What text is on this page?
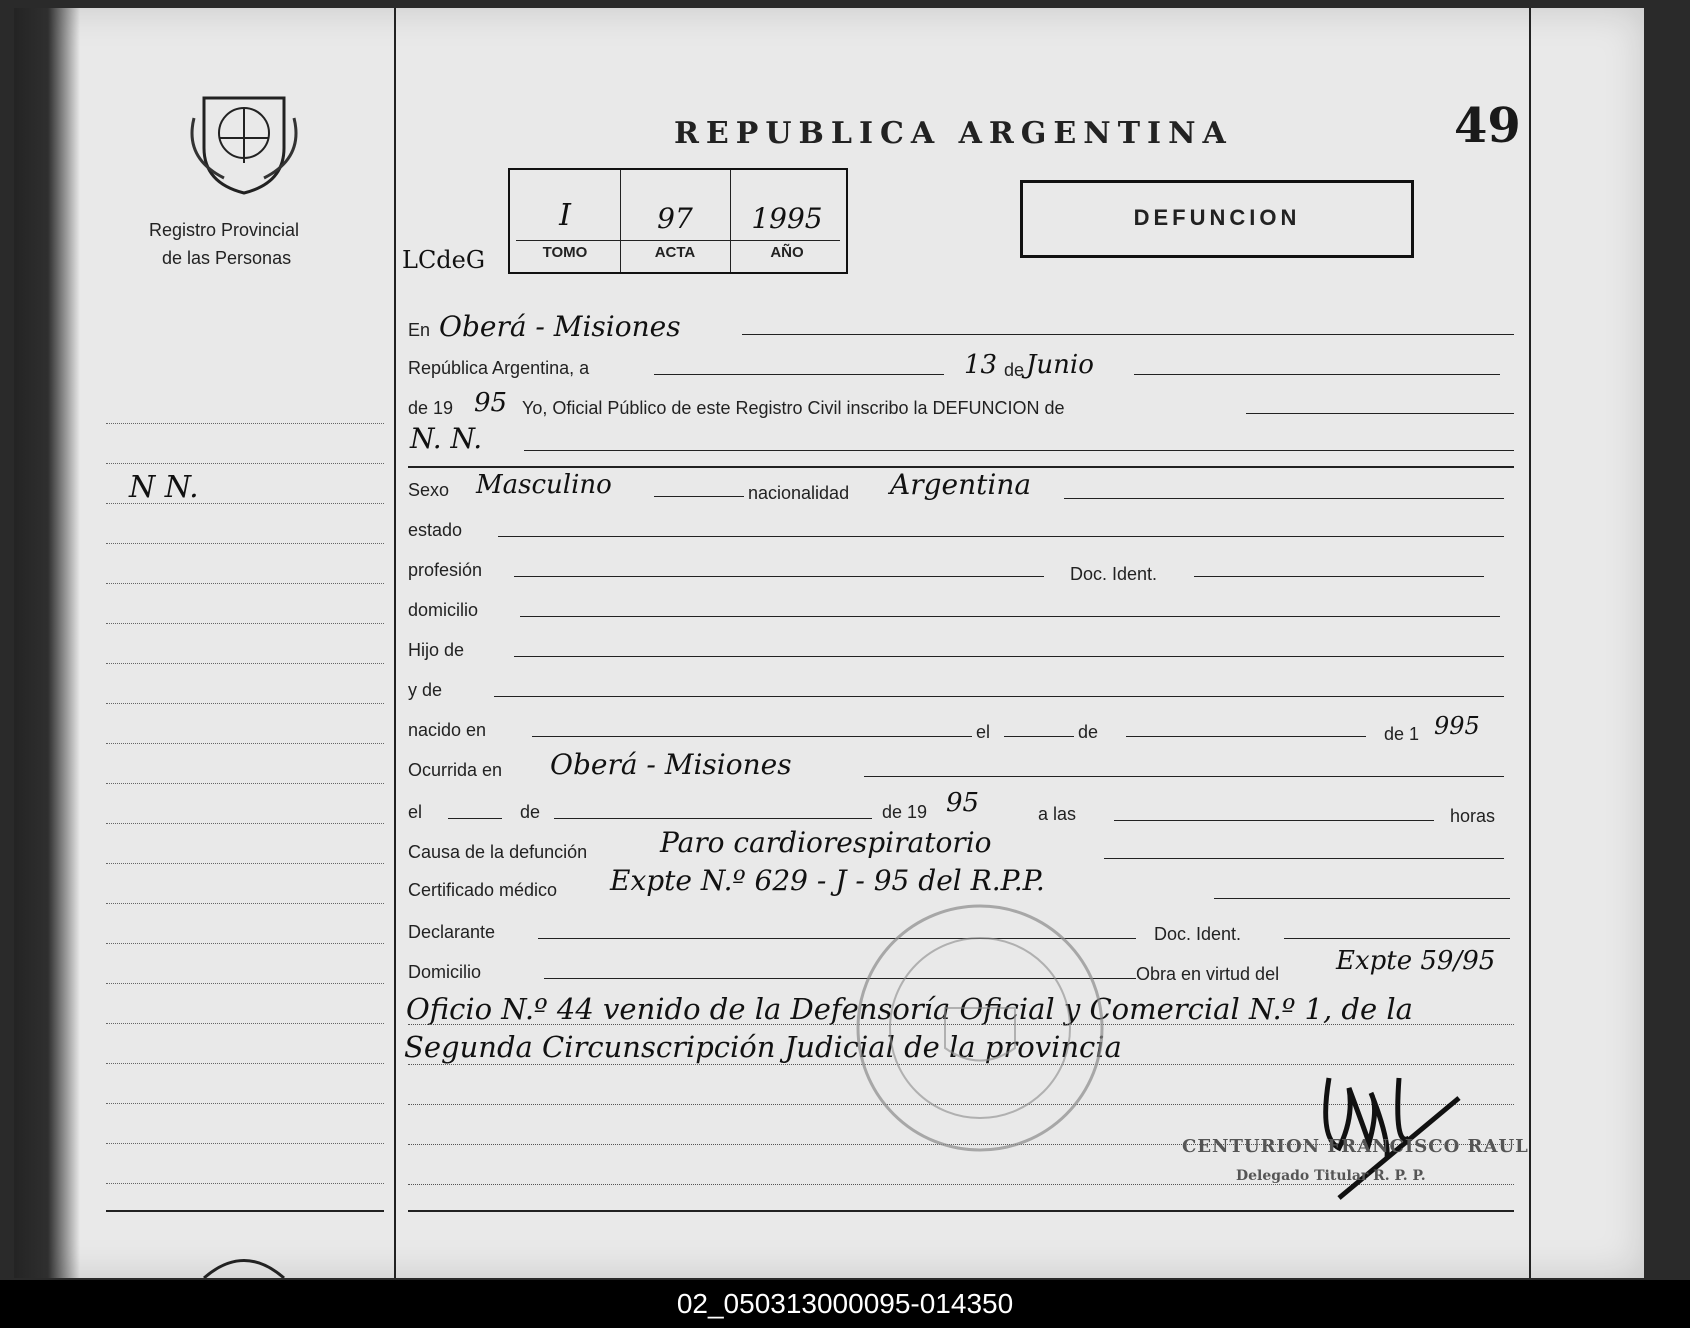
Registro Provincial
de las Personas
N N.
REPUBLICA ARGENTINA	49
LCdeG
I	97	1995
TOMO	ACTA	AÑO
DEFUNCION
En Oberá - Misiones
República Argentina, a	13 de Junio
de 19 95 Yo, Oficial Público de este Registro Civil inscribo la DEFUNCION de
N. N.
Sexo Masculino	nacionalidad Argentina
estado
profesión	Doc. Ident.
domicilio
Hijo de
y de
nacido en	el	de	de 1 995
Ocurrida en Oberá - Misiones
el	de	de 19 95	a las	horas
Causa de la defunción	Paro cardiorespiratorio
Certificado médico Expte N.º 629 - J - 95 del R.P.P.
Declarante	Doc. Ident.
Domicilio	Obra en virtud del Expte 59/95
Oficio N.º 44 venido de la Defensoría Oficial y Comercial N.º 1, de la
Segunda Circunscripción Judicial de la provincia
CENTURION FRANCISCO RAUL
Delegado Titular R. P. P.
02_050313000095-014350
